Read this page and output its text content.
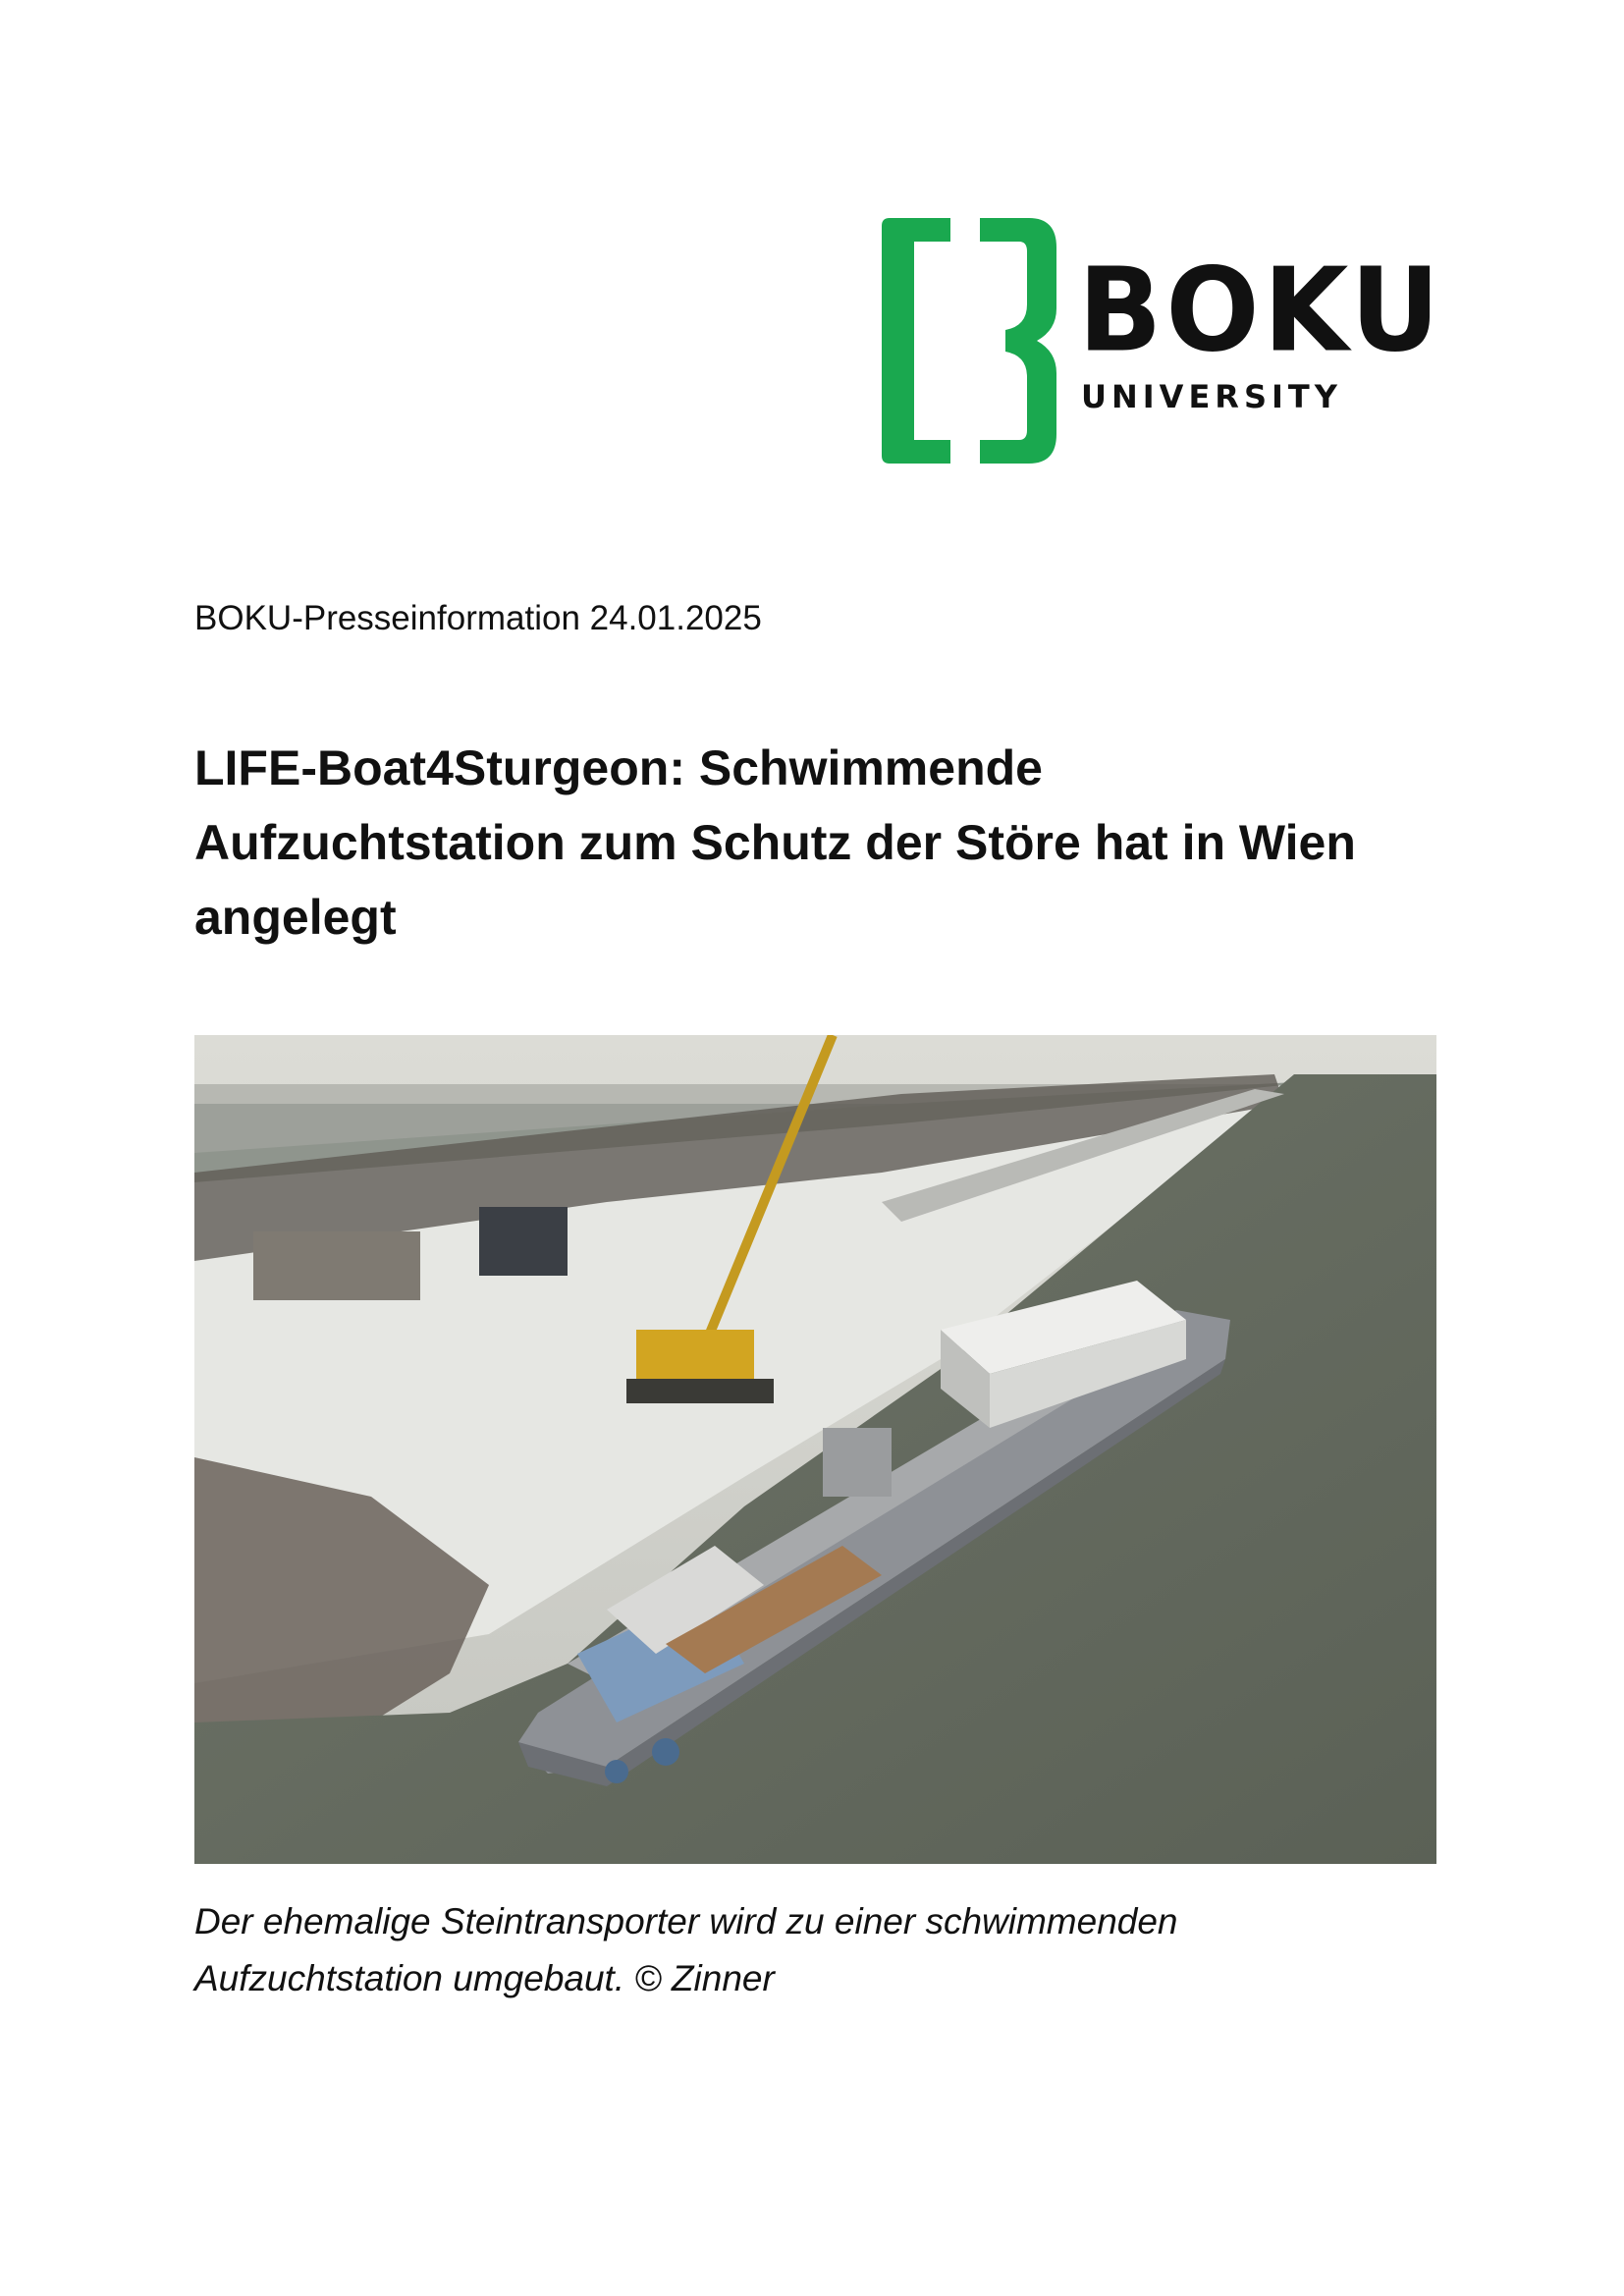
BOKU
UNIVERSITY
BOKU-Presseinformation 24.01.2025
LIFE-Boat4Sturgeon: Schwimmende
Aufzuchtstation zum Schutz der Störe hat in Wien
angelegt

Der ehemalige Steintransporter wird zu einer schwimmenden
Aufzuchtstation umgebaut. © Zinner
